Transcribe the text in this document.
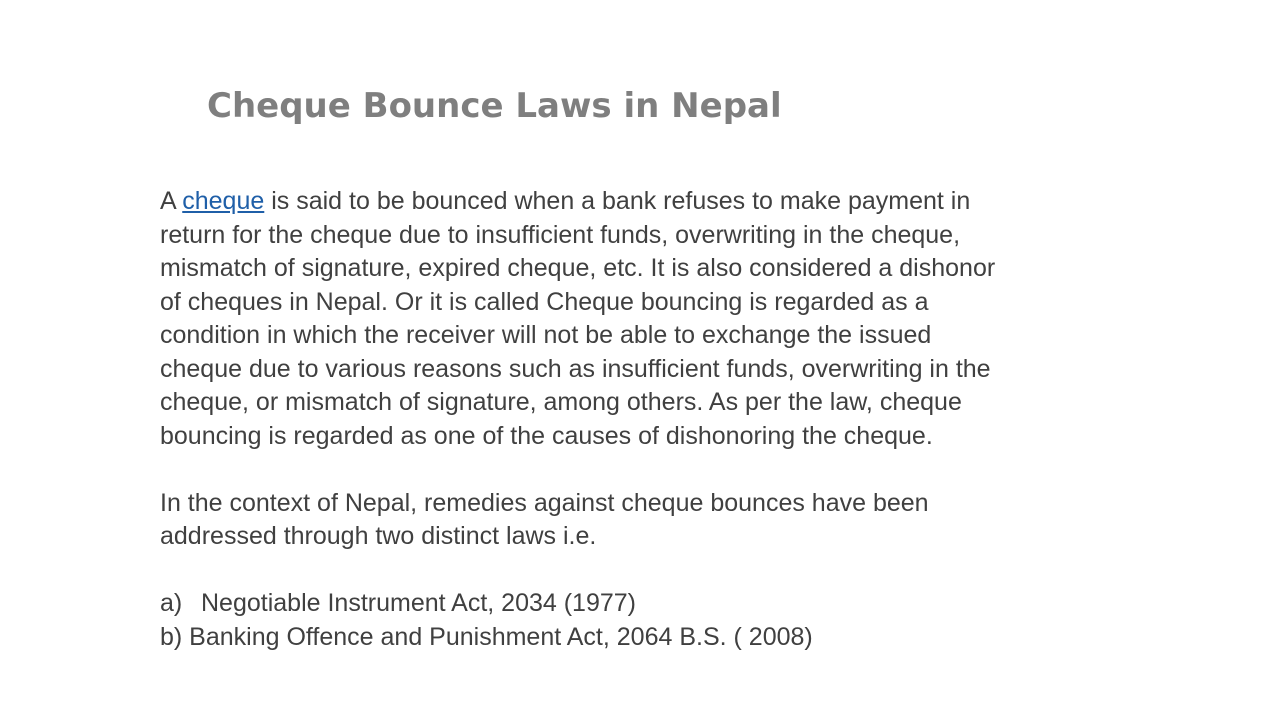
Cheque Bounce Laws in Nepal

A cheque is said to be bounced when a bank refuses to make payment in
return for the cheque due to insufficient funds, overwriting in the cheque,
mismatch of signature, expired cheque, etc. It is also considered a dishonor
of cheques in Nepal. Or it is called Cheque bouncing is regarded as a
condition in which the receiver will not be able to exchange the issued
cheque due to various reasons such as insufficient funds, overwriting in the
cheque, or mismatch of signature, among others. As per the law, cheque
bouncing is regarded as one of the causes of dishonoring the cheque.

In the context of Nepal, remedies against cheque bounces have been
addressed through two distinct laws i.e.

a) Negotiable Instrument Act, 2034 (1977)
b) Banking Offence and Punishment Act, 2064 B.S. ( 2008)
